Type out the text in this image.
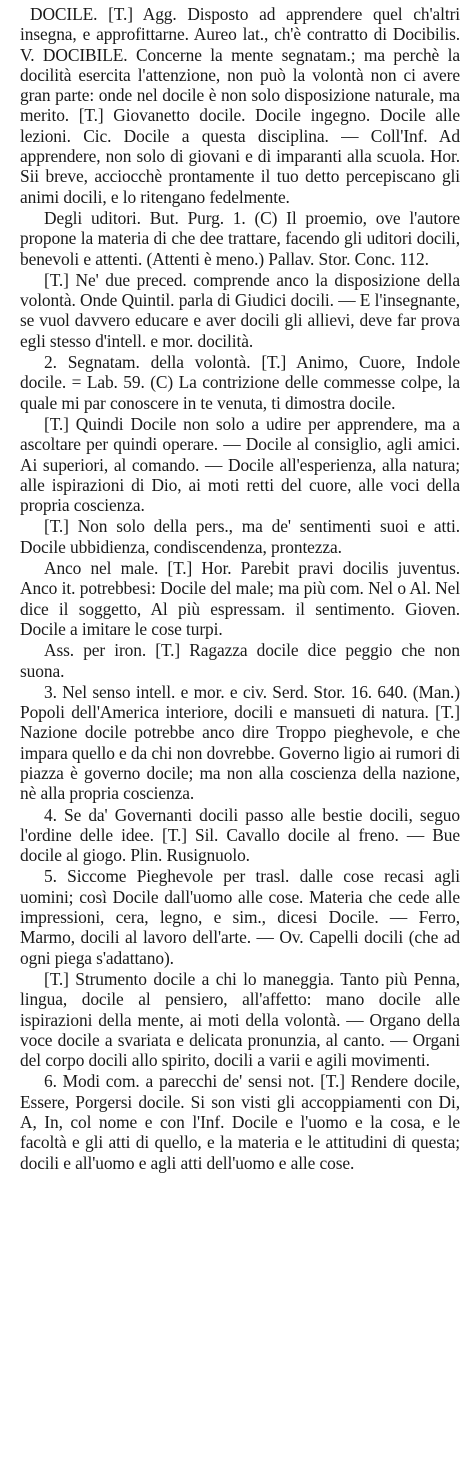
DOCILE. [T.] Agg. Disposto ad apprendere quel ch'altri insegna, e approfittarne. Aureo lat., ch'è contratto di Docibilis. V. DOCIBILE. Concerne la mente segnatam.; ma perchè la docilità esercita l'attenzione, non può la volontà non ci avere gran parte: onde nel docile è non solo disposizione naturale, ma merito. [T.] Giovanetto docile. Docile ingegno. Docile alle lezioni. Cic. Docile a questa disciplina. — Coll'Inf. Ad apprendere, non solo di giovani e di imparanti alla scuola. Hor. Sii breve, acciocchè prontamente il tuo detto percepiscano gli animi docili, e lo ritengano fedelmente.

Degli uditori. But. Purg. 1. (C) Il proemio, ove l'autore propone la materia di che dee trattare, facendo gli uditori docili, benevoli e attenti. (Attenti è meno.) Pallav. Stor. Conc. 112.

[T.] Ne' due preced. comprende anco la disposizione della volontà. Onde Quintil. parla di Giudici docili. — E l'insegnante, se vuol davvero educare e aver docili gli allievi, deve far prova egli stesso d'intell. e mor. docilità.

2. Segnatam. della volontà. [T.] Animo, Cuore, Indole docile. = Lab. 59. (C) La contrizione delle commesse colpe, la quale mi par conoscere in te venuta, ti dimostra docile.

[T.] Quindi Docile non solo a udire per apprendere, ma a ascoltare per quindi operare. — Docile al consiglio, agli amici. Ai superiori, al comando. — Docile all'esperienza, alla natura; alle ispirazioni di Dio, ai moti retti del cuore, alle voci della propria coscienza.

[T.] Non solo della pers., ma de' sentimenti suoi e atti. Docile ubbidienza, condiscendenza, prontezza.

Anco nel male. [T.] Hor. Parebit pravi docilis juventus. Anco it. potrebbesi: Docile del male; ma più com. Nel o Al. Nel dice il soggetto, Al più espressam. il sentimento. Gioven. Docile a imitare le cose turpi.

Ass. per iron. [T.] Ragazza docile dice peggio che non suona.

3. Nel senso intell. e mor. e civ. Serd. Stor. 16. 640. (Man.) Popoli dell'America interiore, docili e mansueti di natura. [T.] Nazione docile potrebbe anco dire Troppo pieghevole, e che impara quello e da chi non dovrebbe. Governo ligio ai rumori di piazza è governo docile; ma non alla coscienza della nazione, nè alla propria coscienza.

4. Se da' Governanti docili passo alle bestie docili, seguo l'ordine delle idee. [T.] Sil. Cavallo docile al freno. — Bue docile al giogo. Plin. Rusignuolo.

5. Siccome Pieghevole per trasl. dalle cose recasi agli uomini; così Docile dall'uomo alle cose. Materia che cede alle impressioni, cera, legno, e sim., dicesi Docile. — Ferro, Marmo, docili al lavoro dell'arte. — Ov. Capelli docili (che ad ogni piega s'adattano).

[T.] Strumento docile a chi lo maneggia. Tanto più Penna, lingua, docile al pensiero, all'affetto: mano docile alle ispirazioni della mente, ai moti della volontà. — Organo della voce docile a svariata e delicata pronunzia, al canto. — Organi del corpo docili allo spirito, docili a varii e agili movimenti.

6. Modi com. a parecchi de' sensi not. [T.] Rendere docile, Essere, Porgersi docile. Si son visti gli accoppiamenti con Di, A, In, col nome e con l'Inf. Docile e l'uomo e la cosa, e le facoltà e gli atti di quello, e la materia e le attitudini di questa; docili e all'uomo e agli atti dell'uomo e alle cose.
